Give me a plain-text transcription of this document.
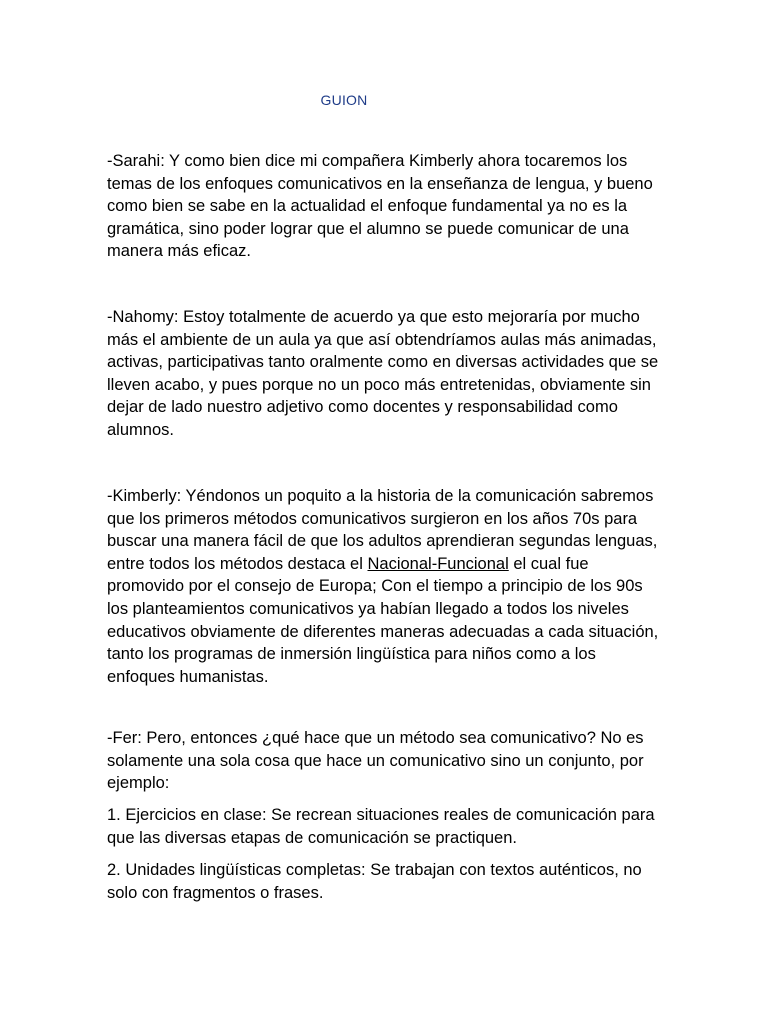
GUION

-Sarahi: Y como bien dice mi compañera Kimberly ahora tocaremos los temas de los enfoques comunicativos en la enseñanza de lengua, y bueno como bien se sabe en la actualidad el enfoque fundamental ya no es la gramática, sino poder lograr que el alumno se puede comunicar de una manera más eficaz.

-Nahomy: Estoy totalmente de acuerdo ya que esto mejoraría por mucho más el ambiente de un aula ya que así obtendríamos aulas más animadas, activas, participativas tanto oralmente como en diversas actividades que se lleven acabo, y pues porque no un poco más entretenidas, obviamente sin dejar de lado nuestro adjetivo como docentes y responsabilidad como alumnos.

-Kimberly: Yéndonos un poquito a la historia de la comunicación sabremos que los primeros métodos comunicativos surgieron en los años 70s para buscar una manera fácil de que los adultos aprendieran segundas lenguas, entre todos los métodos destaca el Nacional-Funcional el cual fue promovido por el consejo de Europa; Con el tiempo a principio de los 90s los planteamientos comunicativos ya habían llegado a todos los niveles educativos obviamente de diferentes maneras adecuadas a cada situación, tanto los programas de inmersión lingüística para niños como a los enfoques humanistas.

-Fer: Pero, entonces ¿qué hace que un método sea comunicativo? No es solamente una sola cosa que hace un comunicativo sino un conjunto, por ejemplo:

1. Ejercicios en clase: Se recrean situaciones reales de comunicación para que las diversas etapas de comunicación se practiquen.

2. Unidades lingüísticas completas: Se trabajan con textos auténticos, no solo con fragmentos o frases.
